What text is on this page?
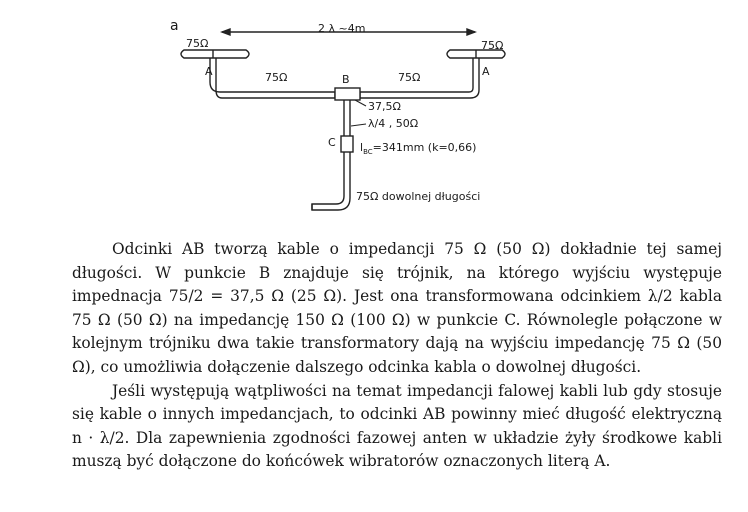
a	2 λ ~4m
75Ω	75Ω
A	A
75Ω	75Ω
B
37,5Ω
λ/4 , 50Ω
C $l_{BC}=341mm$ (k=0,66)
75Ω dowolnej długości

Odcinki AB tworzą kable o impedancji 75 Ω (50 Ω) dokładnie tej samej długości. W punkcie B znajduje się trójnik, na którego wyjściu występuje impednacja 75/2 = 37,5 Ω (25 Ω). Jest ona transformowana odcinkiem λ/2 kabla 75 Ω (50 Ω) na impedancję 150 Ω (100 Ω) w punkcie C. Równolegle połączone w kolejnym trójniku dwa takie transformatory dają na wyjściu impedancję 75 Ω (50 Ω), co umożliwia dołączenie dalszego odcinka kabla o dowolnej długości.

Jeśli występują wątpliwości na temat impedancji falowej kabli lub gdy stosuje się kable o innych impedancjach, to odcinki AB powinny mieć długość elektryczną n · λ/2. Dla zapewnienia zgodności fazowej anten w układzie żyły środkowe kabli muszą być dołączone do końcówek wibratorów oznaczonych literą A.
